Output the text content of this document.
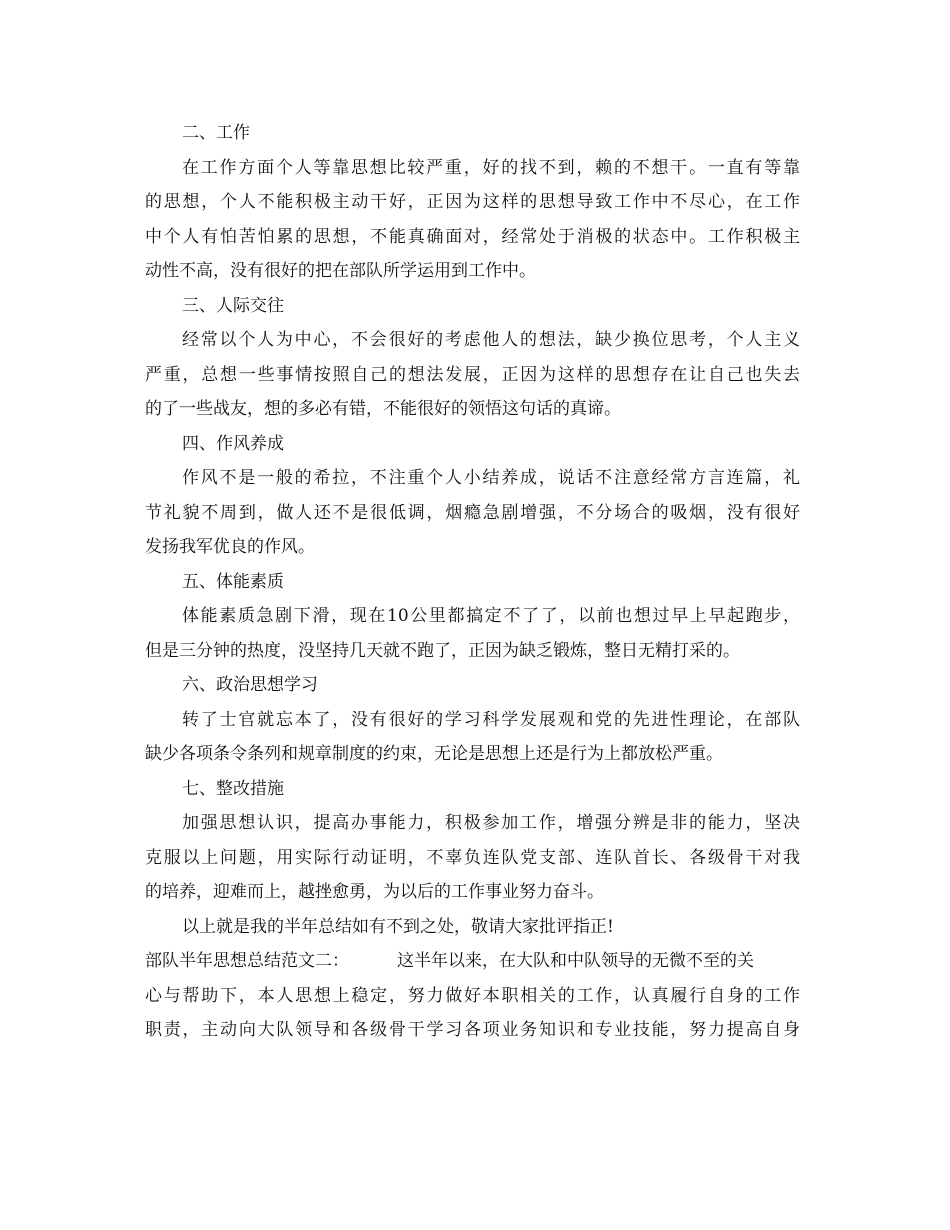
二、工作
在工作方面个人等靠思想比较严重，好的找不到，赖的不想干。一直有等靠
的思想，个人不能积极主动干好，正因为这样的思想导致工作中不尽心，在工作
中个人有怕苦怕累的思想，不能真确面对，经常处于消极的状态中。工作积极主
动性不高，没有很好的把在部队所学运用到工作中。
三、人际交往
经常以个人为中心，不会很好的考虑他人的想法，缺少换位思考，个人主义
严重，总想一些事情按照自己的想法发展，正因为这样的思想存在让自己也失去
的了一些战友，想的多必有错，不能很好的领悟这句话的真谛。
四、作风养成
作风不是一般的希拉，不注重个人小结养成，说话不注意经常方言连篇，礼
节礼貌不周到，做人还不是很低调，烟瘾急剧增强，不分场合的吸烟，没有很好
发扬我军优良的作风。
五、体能素质
体能素质急剧下滑，现在10公里都搞定不了了，以前也想过早上早起跑步，
但是三分钟的热度，没坚持几天就不跑了，正因为缺乏锻炼，整日无精打采的。
六、政治思想学习
转了士官就忘本了，没有很好的学习科学发展观和党的先进性理论，在部队
缺少各项条令条列和规章制度的约束，无论是思想上还是行为上都放松严重。
七、整改措施
加强思想认识，提高办事能力，积极参加工作，增强分辨是非的能力，坚决
克服以上问题，用实际行动证明，不辜负连队党支部、连队首长、各级骨干对我
的培养，迎难而上，越挫愈勇，为以后的工作事业努力奋斗。
以上就是我的半年总结如有不到之处，敬请大家批评指正!
部队半年思想总结范文二：	这半年以来，在大队和中队领导的无微不至的关
心与帮助下，本人思想上稳定，努力做好本职相关的工作，认真履行自身的工作
职责，主动向大队领导和各级骨干学习各项业务知识和专业技能，努力提高自身
